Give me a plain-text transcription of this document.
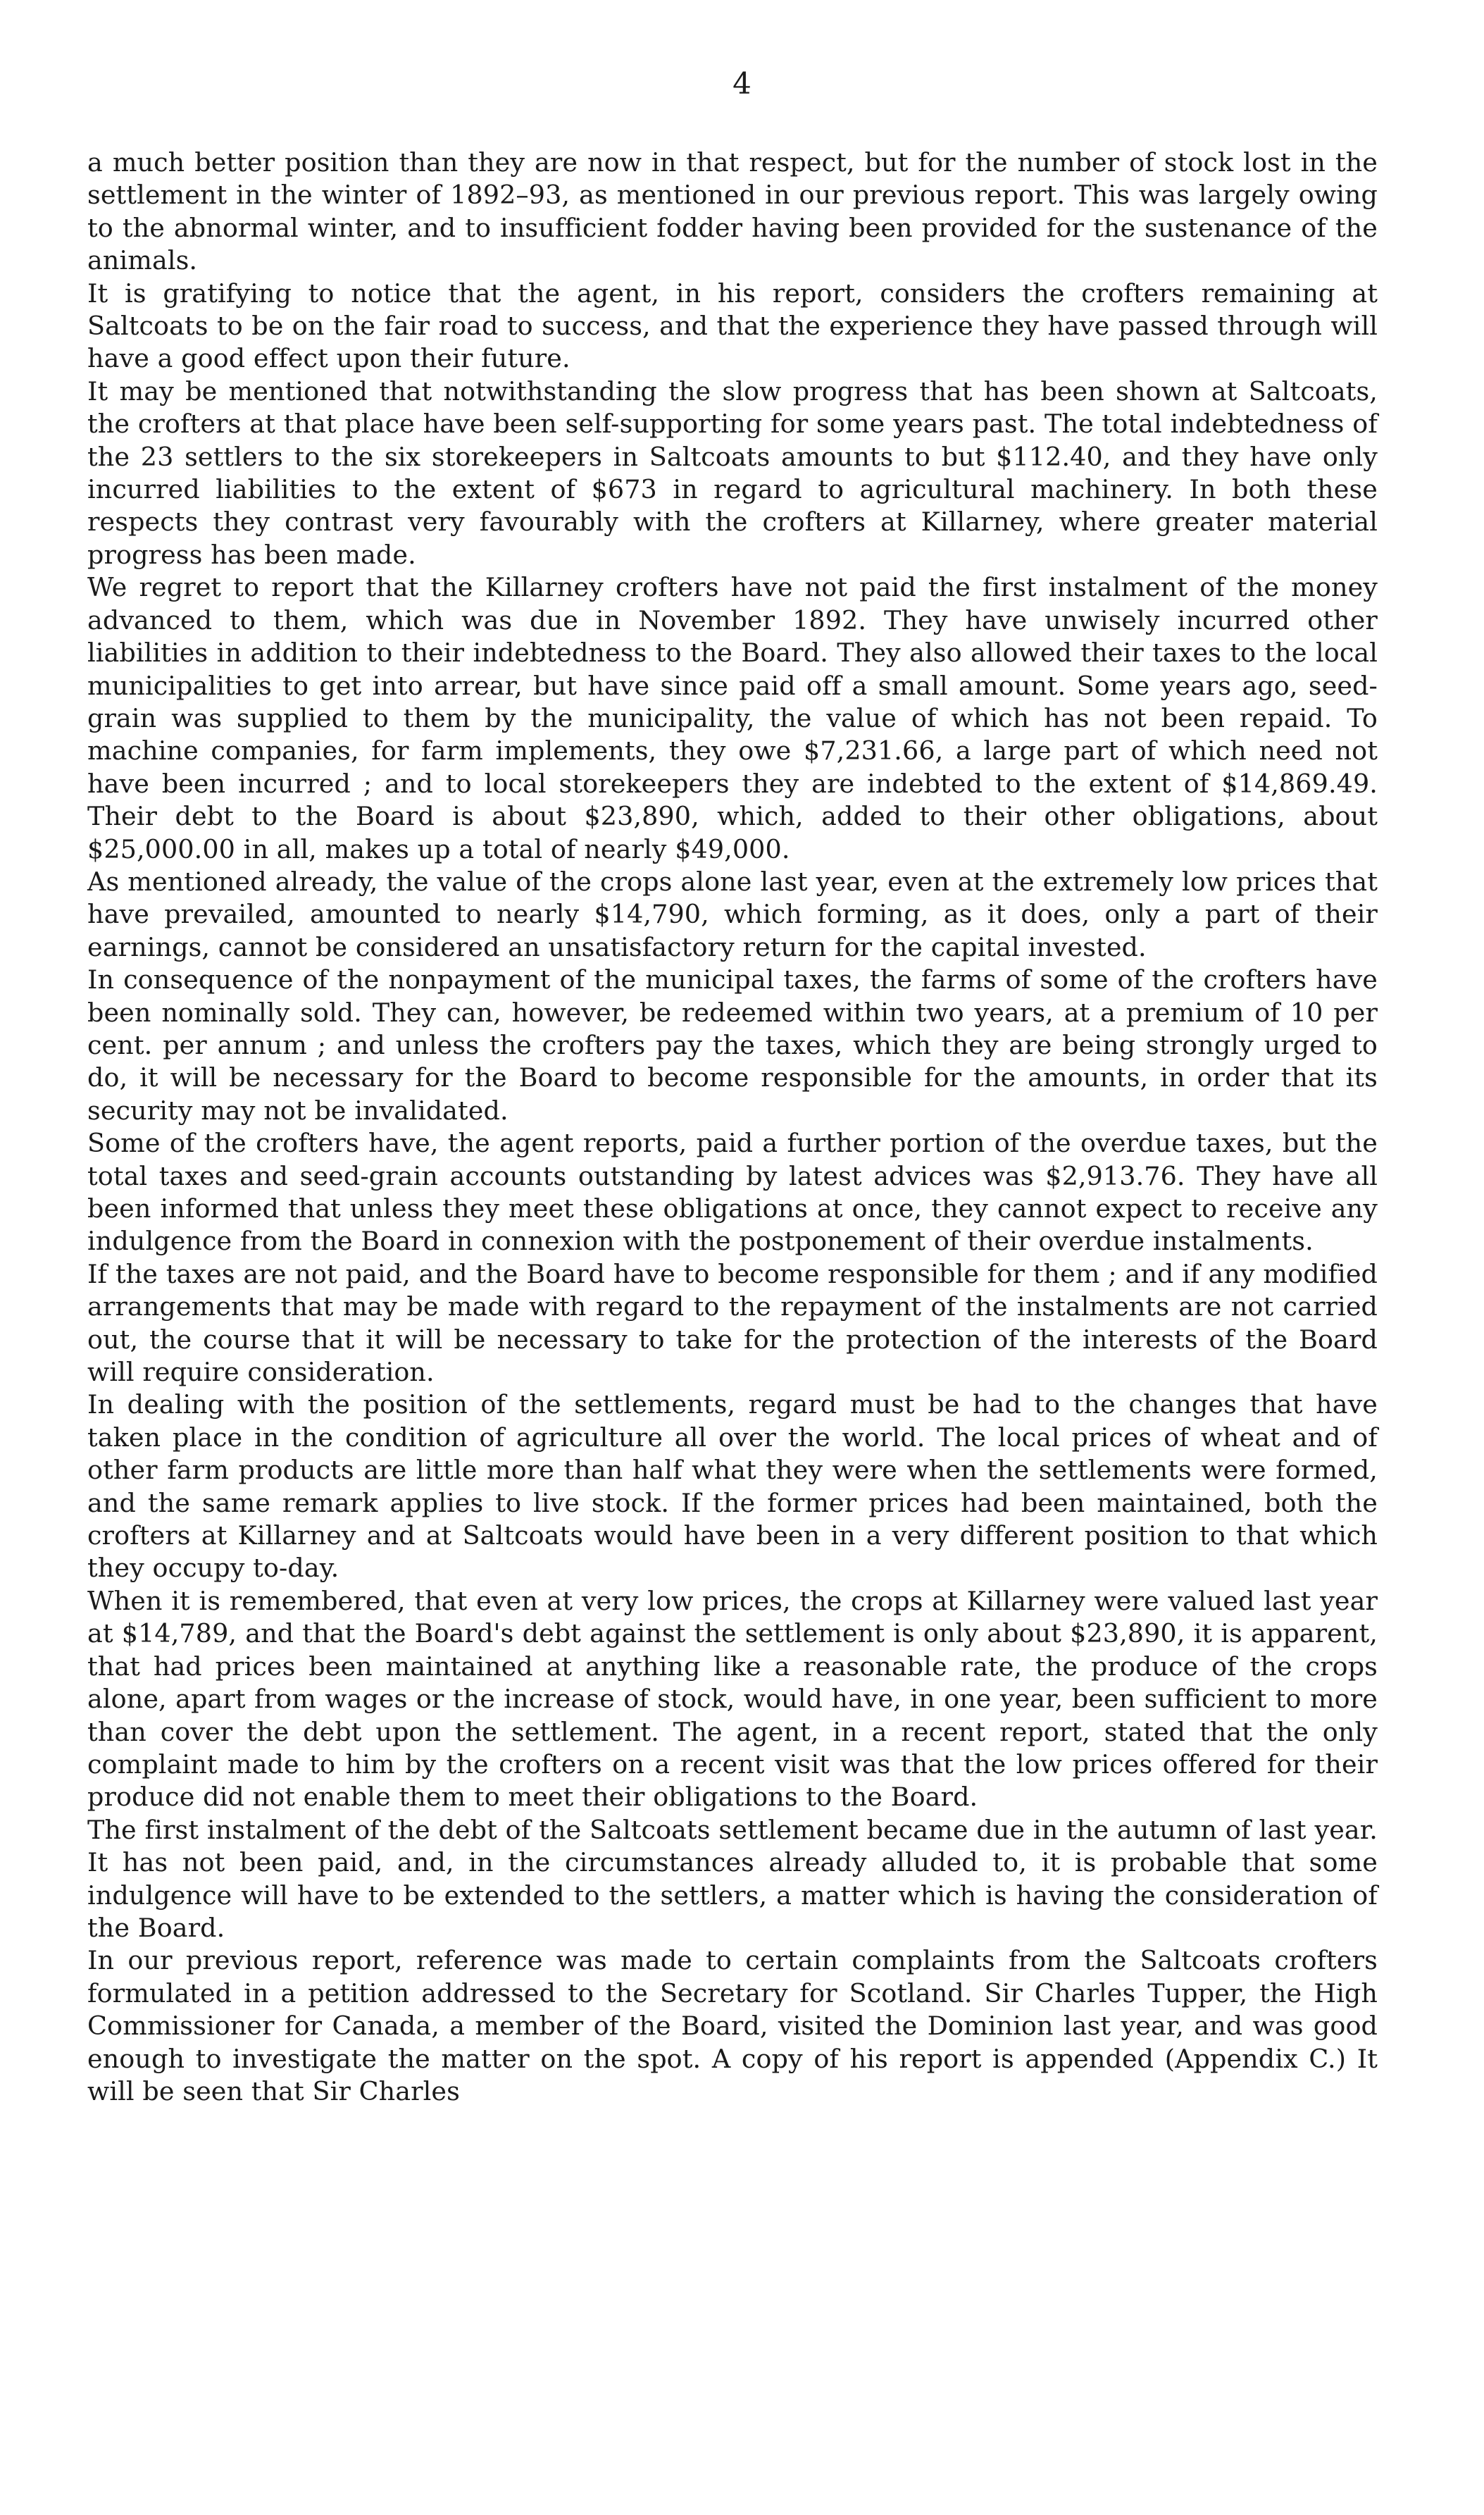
4

a much better position than they are now in that respect, but for the number of stock lost in the settlement in the winter of 1892–93, as mentioned in our previous report. This was largely owing to the abnormal winter, and to insufficient fodder having been provided for the sustenance of the animals.

It is gratifying to notice that the agent, in his report, considers the crofters remaining at Saltcoats to be on the fair road to success, and that the experience they have passed through will have a good effect upon their future.

It may be mentioned that notwithstanding the slow progress that has been shown at Saltcoats, the crofters at that place have been self-supporting for some years past. The total indebtedness of the 23 settlers to the six storekeepers in Saltcoats amounts to but $112.40, and they have only incurred liabilities to the extent of $673 in regard to agricultural machinery. In both these respects they contrast very favourably with the crofters at Killarney, where greater material progress has been made.

We regret to report that the Killarney crofters have not paid the first instalment of the money advanced to them, which was due in November 1892. They have unwisely incurred other liabilities in addition to their indebtedness to the Board. They also allowed their taxes to the local municipalities to get into arrear, but have since paid off a small amount. Some years ago, seed-grain was supplied to them by the municipality, the value of which has not been repaid. To machine companies, for farm implements, they owe $7,231.66, a large part of which need not have been incurred ; and to local storekeepers they are indebted to the extent of $14,869.49. Their debt to the Board is about $23,890, which, added to their other obligations, about $25,000.00 in all, makes up a total of nearly $49,000.

As mentioned already, the value of the crops alone last year, even at the extremely low prices that have prevailed, amounted to nearly $14,790, which forming, as it does, only a part of their earnings, cannot be considered an unsatisfactory return for the capital invested.

In consequence of the nonpayment of the municipal taxes, the farms of some of the crofters have been nominally sold. They can, however, be redeemed within two years, at a premium of 10 per cent. per annum ; and unless the crofters pay the taxes, which they are being strongly urged to do, it will be necessary for the Board to become responsible for the amounts, in order that its security may not be invalidated.

Some of the crofters have, the agent reports, paid a further portion of the overdue taxes, but the total taxes and seed-grain accounts outstanding by latest advices was $2,913.76. They have all been informed that unless they meet these obligations at once, they cannot expect to receive any indulgence from the Board in connexion with the postponement of their overdue instalments.

If the taxes are not paid, and the Board have to become responsible for them ; and if any modified arrangements that may be made with regard to the repayment of the instalments are not carried out, the course that it will be necessary to take for the protection of the interests of the Board will require consideration.

In dealing with the position of the settlements, regard must be had to the changes that have taken place in the condition of agriculture all over the world. The local prices of wheat and of other farm products are little more than half what they were when the settlements were formed, and the same remark applies to live stock. If the former prices had been maintained, both the crofters at Killarney and at Saltcoats would have been in a very different position to that which they occupy to-day.

When it is remembered, that even at very low prices, the crops at Killarney were valued last year at $14,789, and that the Board's debt against the settlement is only about $23,890, it is apparent, that had prices been maintained at anything like a reasonable rate, the produce of the crops alone, apart from wages or the increase of stock, would have, in one year, been sufficient to more than cover the debt upon the settlement. The agent, in a recent report, stated that the only complaint made to him by the crofters on a recent visit was that the low prices offered for their produce did not enable them to meet their obligations to the Board.

The first instalment of the debt of the Saltcoats settlement became due in the autumn of last year. It has not been paid, and, in the circumstances already alluded to, it is probable that some indulgence will have to be extended to the settlers, a matter which is having the consideration of the Board.

In our previous report, reference was made to certain complaints from the Saltcoats crofters formulated in a petition addressed to the Secretary for Scotland. Sir Charles Tupper, the High Commissioner for Canada, a member of the Board, visited the Dominion last year, and was good enough to investigate the matter on the spot. A copy of his report is appended (Appendix C.) It will be seen that Sir Charles
